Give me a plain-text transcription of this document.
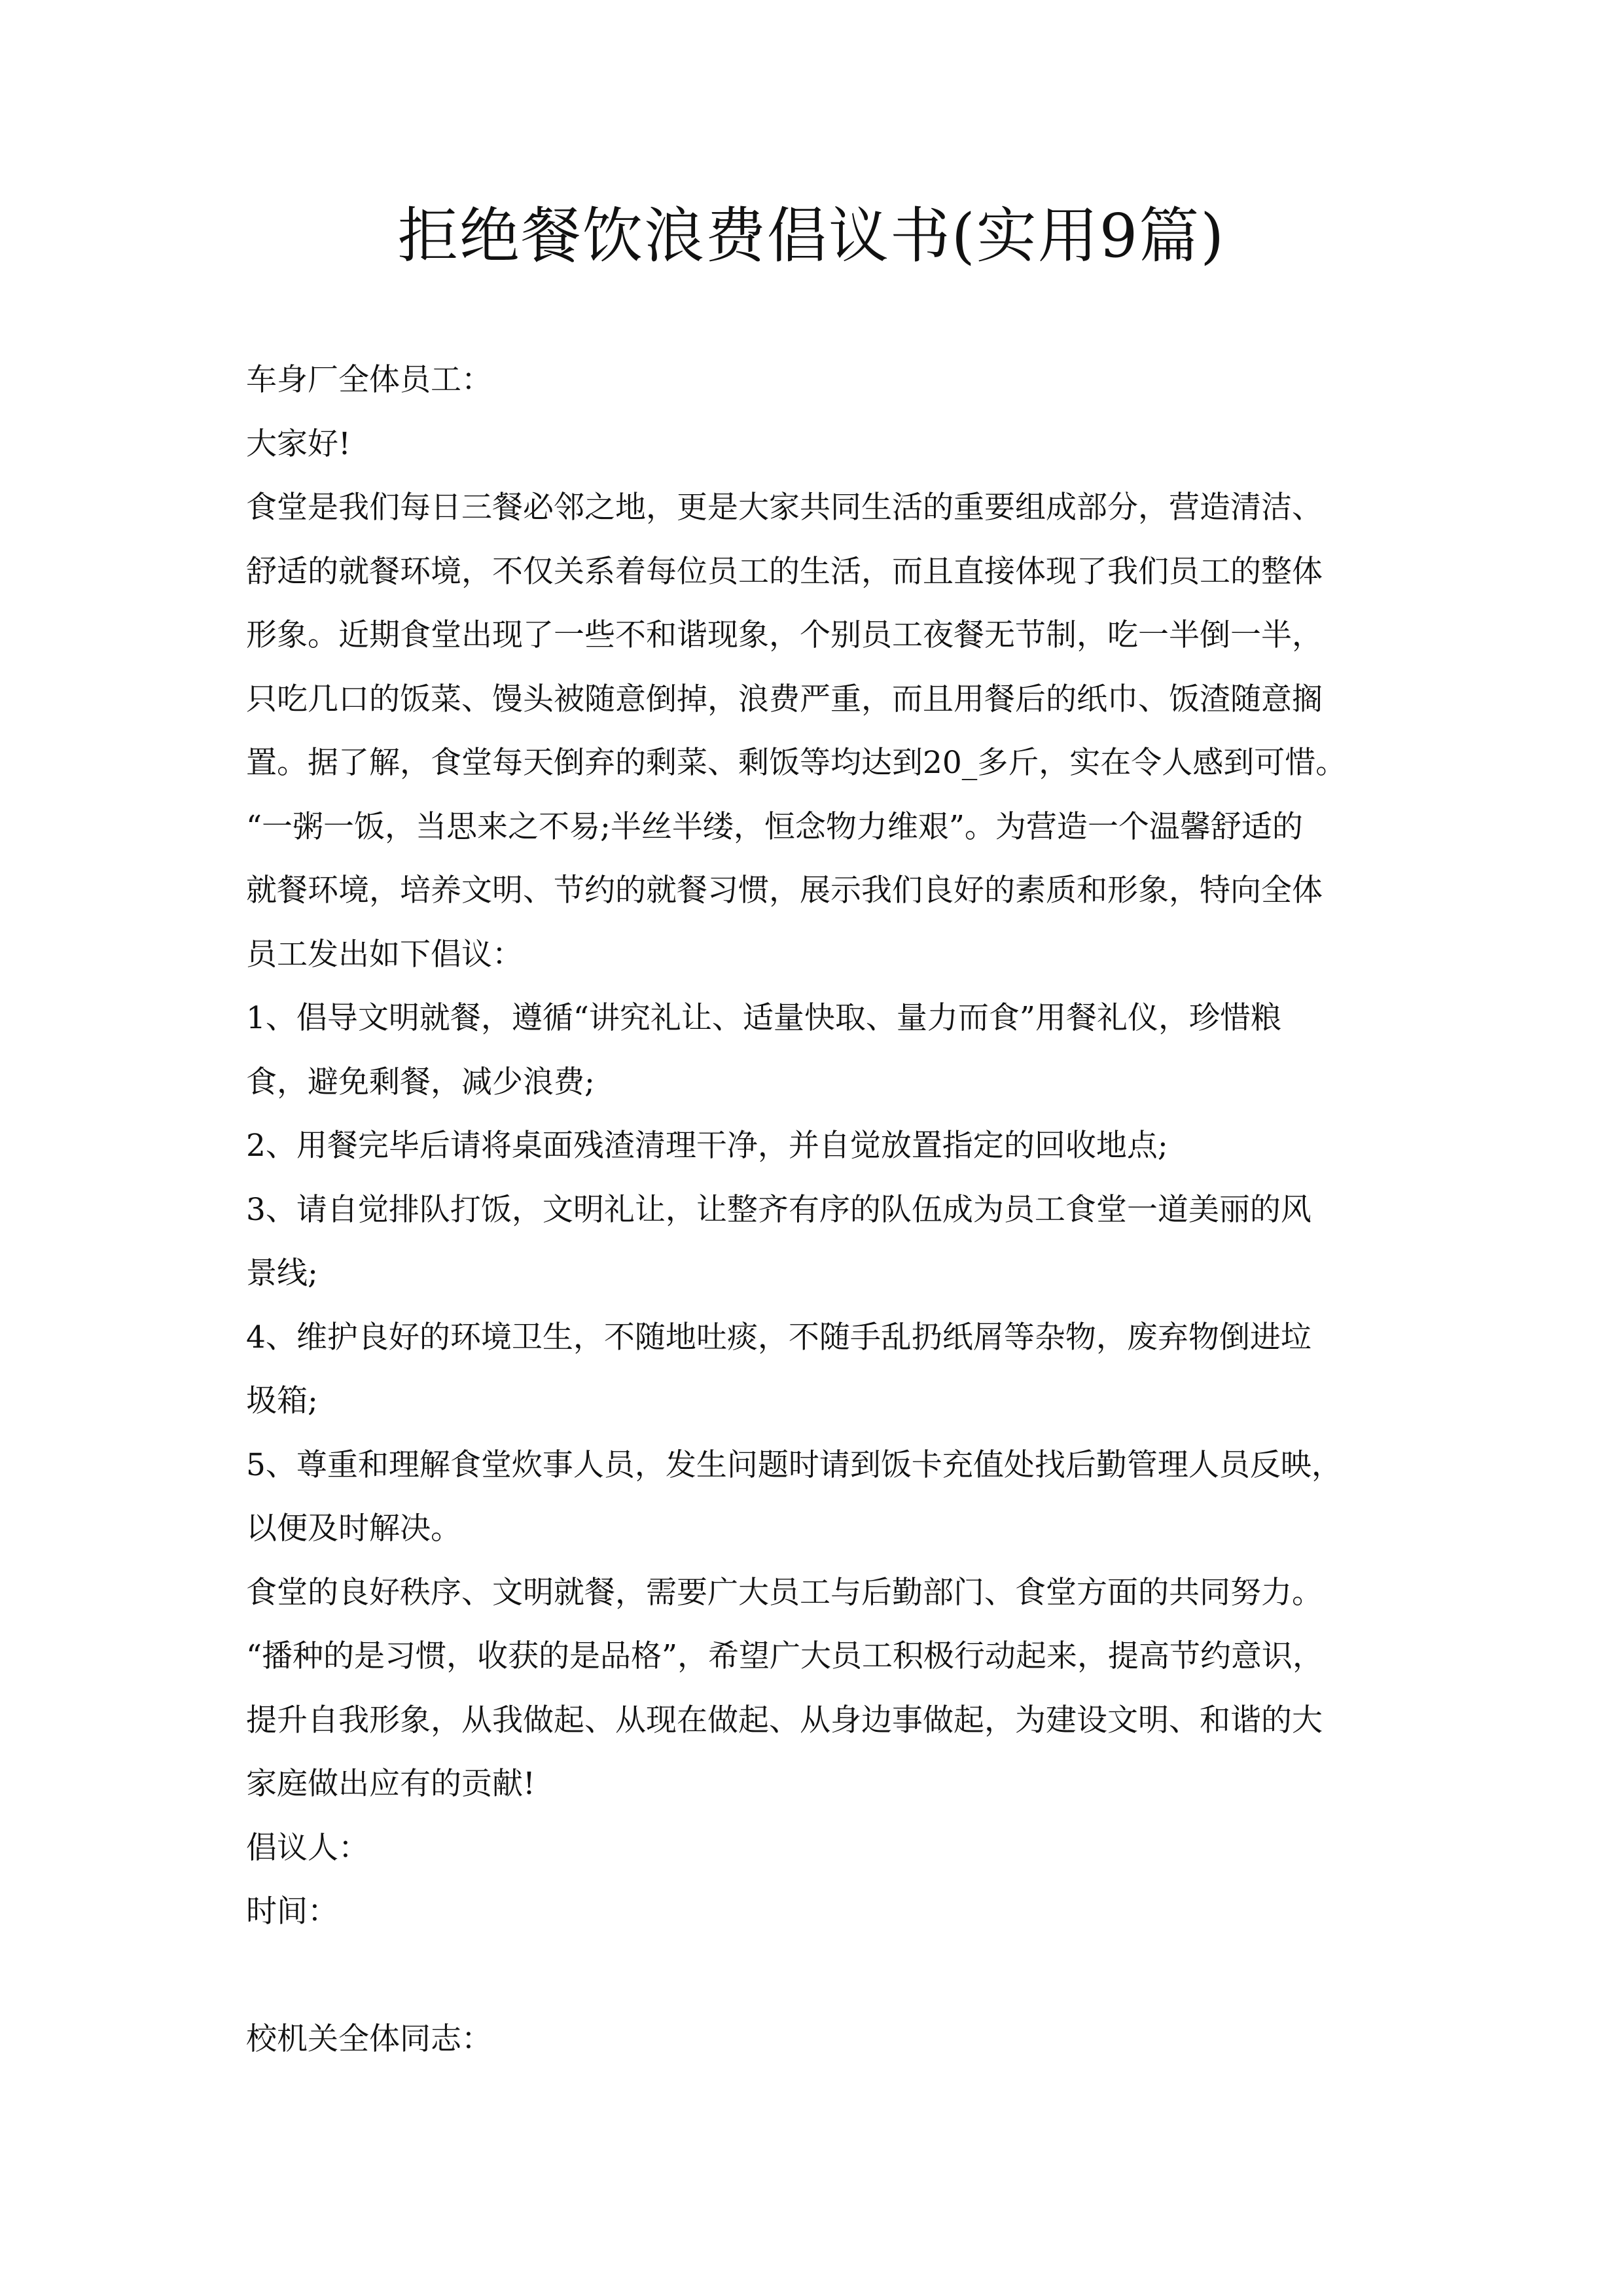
拒绝餐饮浪费倡议书(实用9篇)
车身厂全体员工：
大家好!
食堂是我们每日三餐必邻之地，更是大家共同生活的重要组成部分，营造清洁、
舒适的就餐环境，不仅关系着每位员工的生活，而且直接体现了我们员工的整体
形象。近期食堂出现了一些不和谐现象，个别员工夜餐无节制，吃一半倒一半，
只吃几口的饭菜、馒头被随意倒掉，浪费严重，而且用餐后的纸巾、饭渣随意搁
置。据了解，食堂每天倒弃的剩菜、剩饭等均达到20_多斤，实在令人感到可惜。
“一粥一饭，当思来之不易;半丝半缕，恒念物力维艰”。为营造一个温馨舒适的
就餐环境，培养文明、节约的就餐习惯，展示我们良好的素质和形象，特向全体
员工发出如下倡议：
1、倡导文明就餐，遵循“讲究礼让、适量快取、量力而食”用餐礼仪，珍惜粮
食，避免剩餐，减少浪费;
2、用餐完毕后请将桌面残渣清理干净，并自觉放置指定的回收地点;
3、请自觉排队打饭，文明礼让，让整齐有序的队伍成为员工食堂一道美丽的风
景线;
4、维护良好的环境卫生，不随地吐痰，不随手乱扔纸屑等杂物，废弃物倒进垃
圾箱;
5、尊重和理解食堂炊事人员，发生问题时请到饭卡充值处找后勤管理人员反映，
以便及时解决。
食堂的良好秩序、文明就餐，需要广大员工与后勤部门、食堂方面的共同努力。
“播种的是习惯，收获的是品格”，希望广大员工积极行动起来，提高节约意识，
提升自我形象，从我做起、从现在做起、从身边事做起，为建设文明、和谐的大
家庭做出应有的贡献!
倡议人：
时间：
校机关全体同志：
